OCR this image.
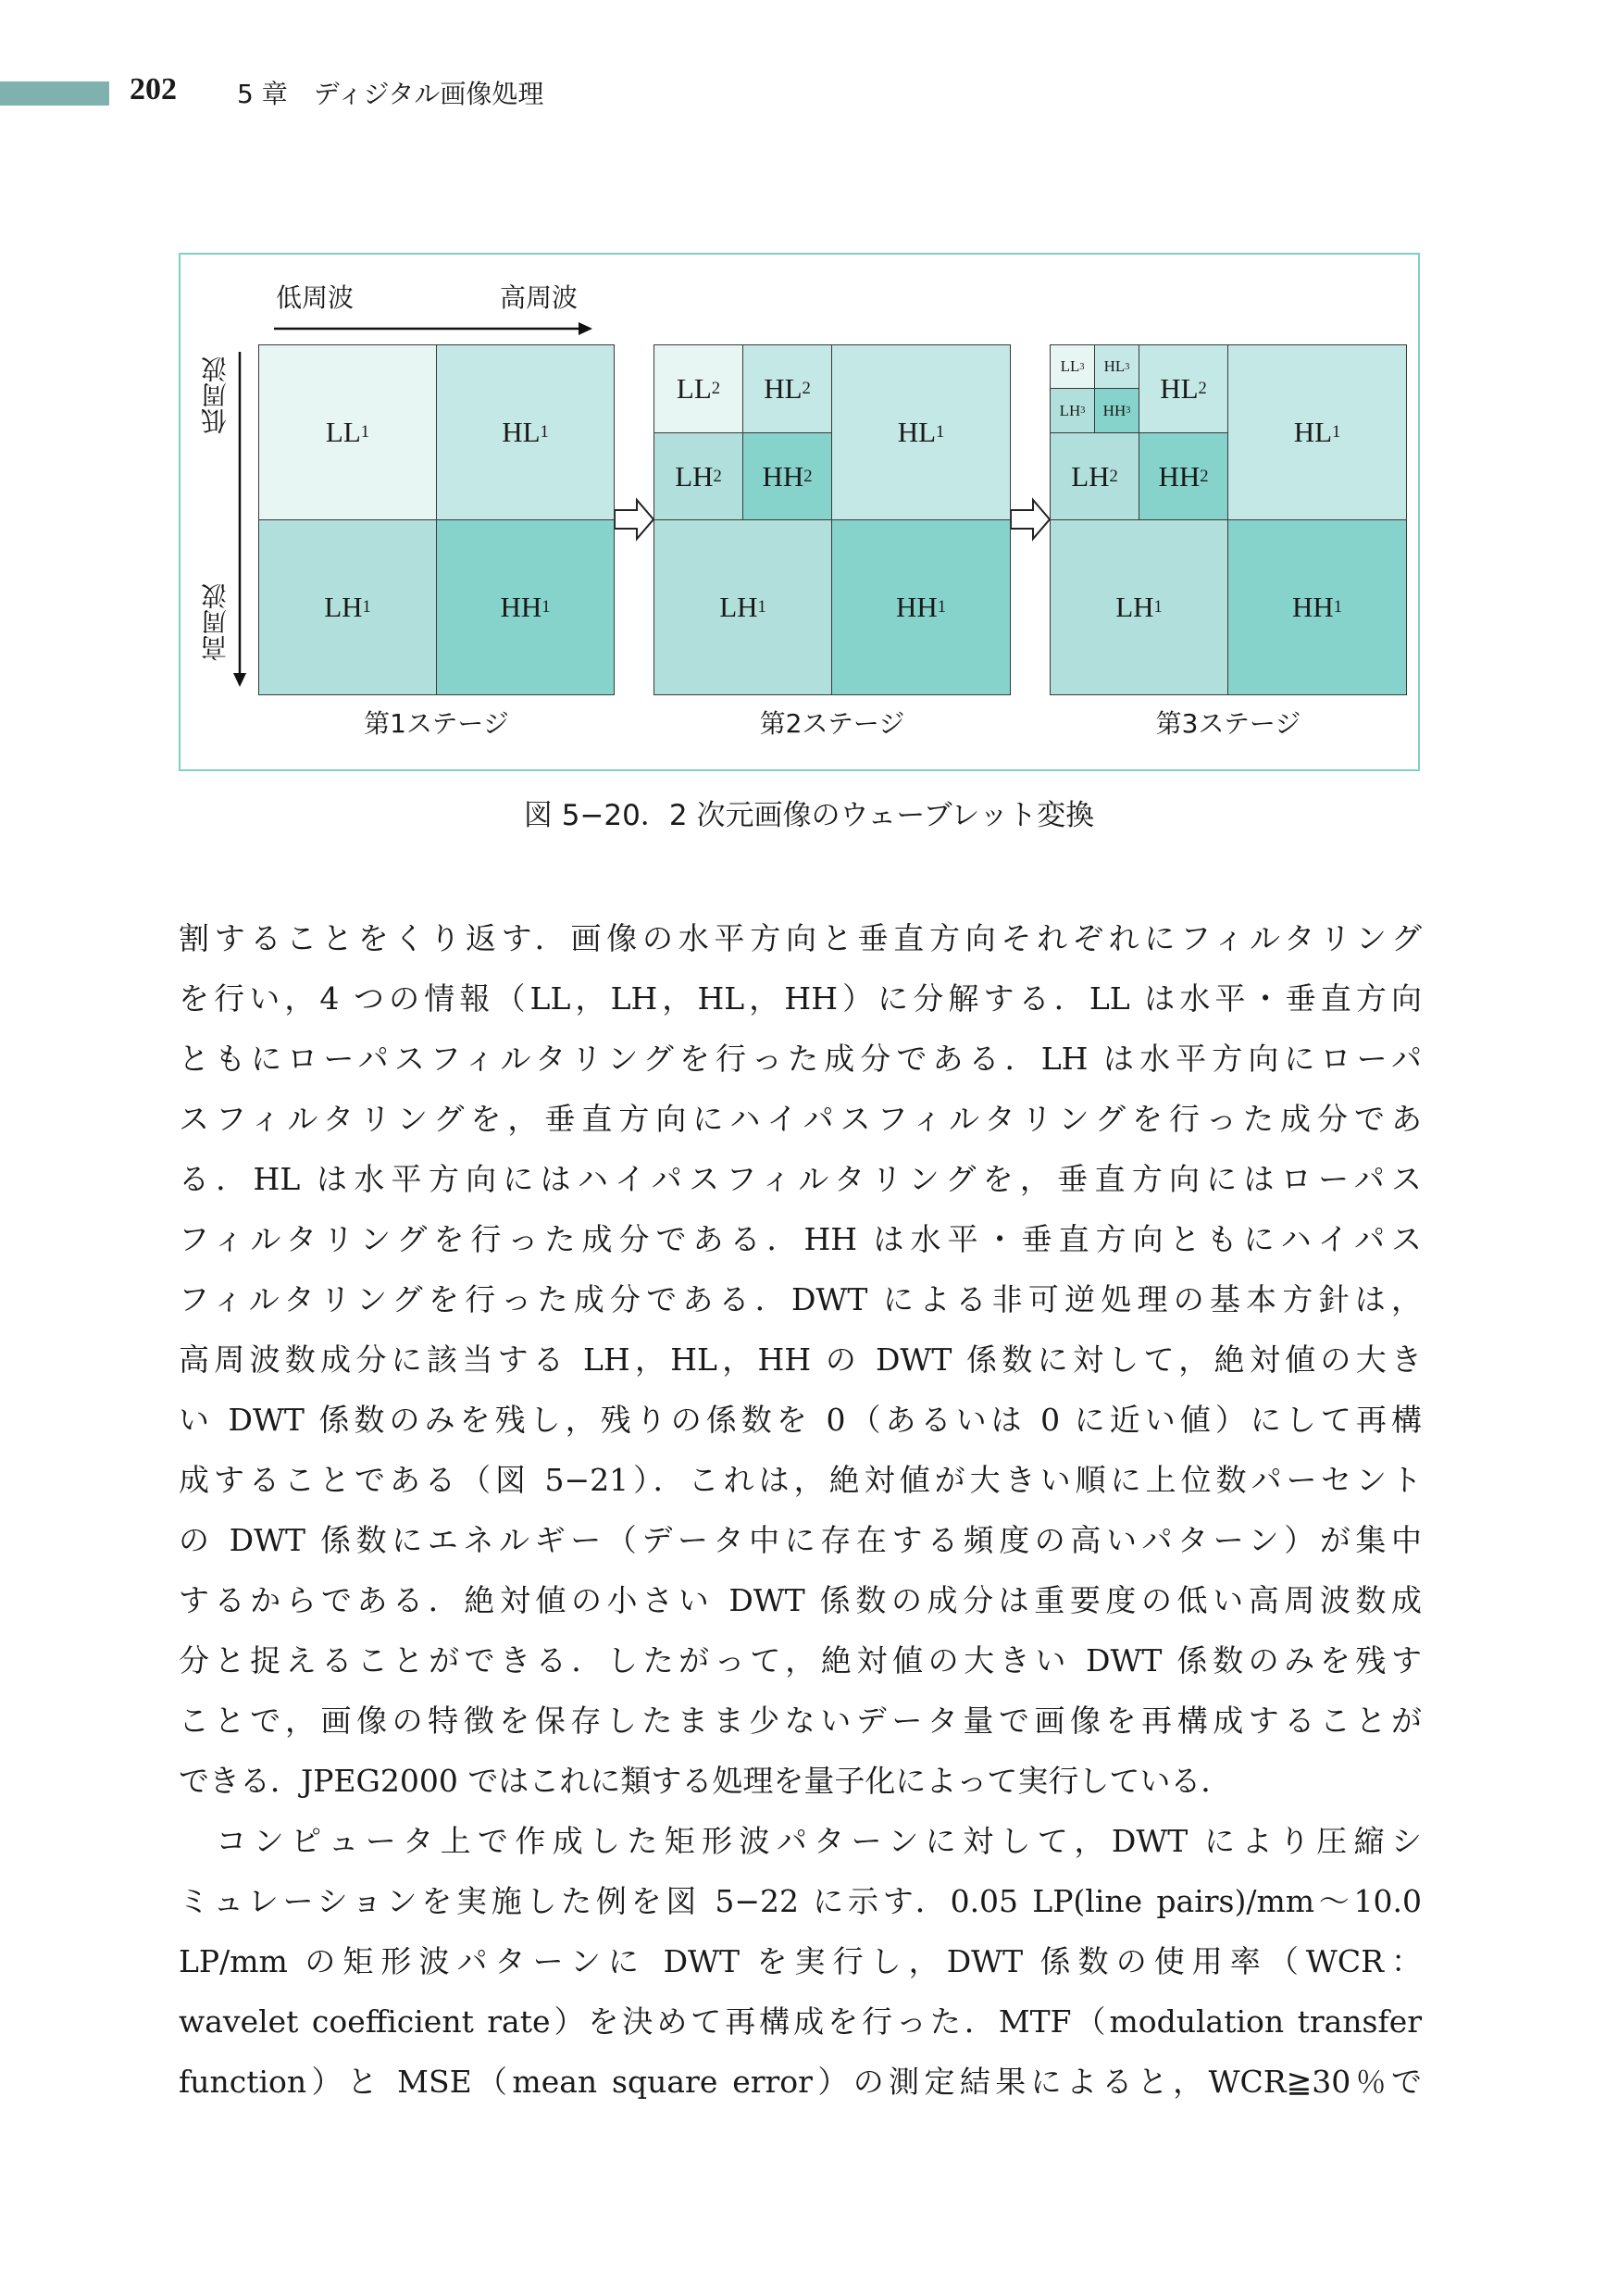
202 5 章　ディジタル画像処理
低周波	高周波
低周波
高周波
LL 1	HL 1
LH 1	HH 1
LL 2 HL 2
LH 2 HH 2
HL 1
LH 1	HH 1
LL 3 HL 3
LH 3 HH 3
HL 2
LH 2 HH 2
HL 1
LH 1	HH 1
第1ステージ	第2ステージ	第3ステージ
図 5−20．2 次元画像のウェーブレット変換
割することをくり返す．画像の水平方向と垂直方向それぞれにフィルタリング
を行い，4 つの情報（LL，LH，HL，HH）に分解する．LL は水平・垂直方向
ともにローパスフィルタリングを行った成分である．LH は水平方向にローパ
スフィルタリングを，垂直方向にハイパスフィルタリングを行った成分であ
る．HL は水平方向にはハイパスフィルタリングを，垂直方向にはローパス
フィルタリングを行った成分である．HH は水平・垂直方向ともにハイパス
フィルタリングを行った成分である．DWT による非可逆処理の基本方針は，
高周波数成分に該当する LH，HL，HH の DWT 係数に対して，絶対値の大き
い DWT 係数のみを残し，残りの係数を 0（あるいは 0 に近い値）にして再構
成することである（図 5−21）．これは，絶対値が大きい順に上位数パーセント
の DWT 係数にエネルギー（データ中に存在する頻度の高いパターン）が集中
するからである．絶対値の小さい DWT 係数の成分は重要度の低い高周波数成
分と捉えることができる．したがって，絶対値の大きい DWT 係数のみを残す
ことで，画像の特徴を保存したまま少ないデータ量で画像を再構成することが
できる．JPEG2000 ではこれに類する処理を量子化によって実行している．
　コンピュータ上で作成した矩形波パターンに対して，DWT により圧縮シ
ミュレーションを実施した例を図 5−22 に示す．0.05 LP(line pairs)/mm～10.0
LP/mm の矩形波パターンに DWT を実行し，DWT 係数の使用率（WCR：
wavelet coefficient rate）を決めて再構成を行った．MTF（modulation transfer
function）と MSE（mean square error）の測定結果によると，WCR≧30％で
